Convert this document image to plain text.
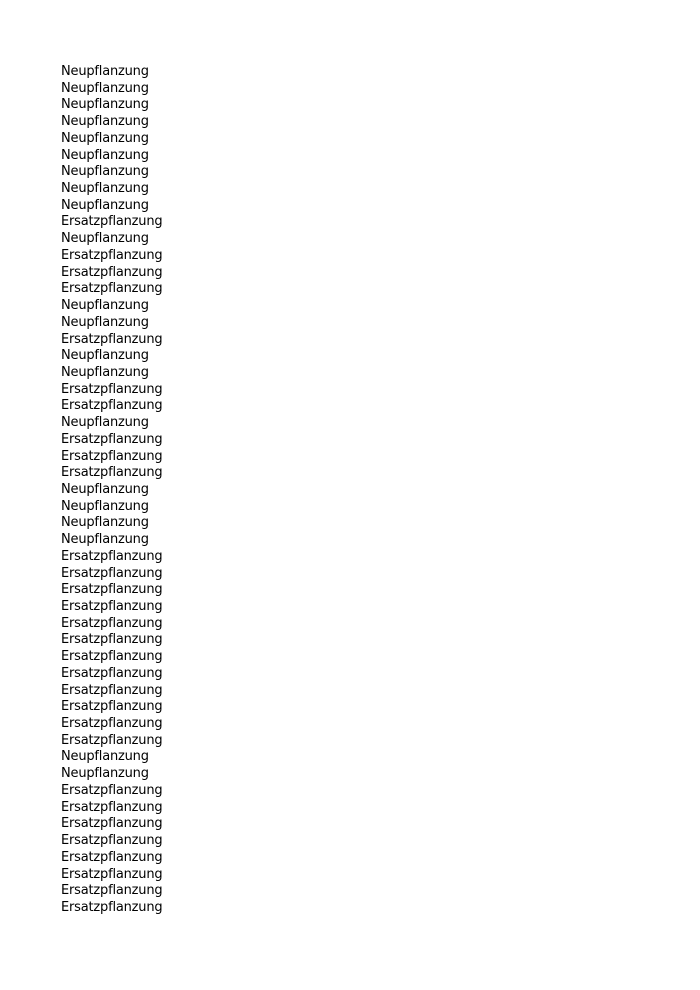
Neupflanzung
Neupflanzung
Neupflanzung
Neupflanzung
Neupflanzung
Neupflanzung
Neupflanzung
Neupflanzung
Neupflanzung
Ersatzpflanzung
Neupflanzung
Ersatzpflanzung
Ersatzpflanzung
Ersatzpflanzung
Neupflanzung
Neupflanzung
Ersatzpflanzung
Neupflanzung
Neupflanzung
Ersatzpflanzung
Ersatzpflanzung
Neupflanzung
Ersatzpflanzung
Ersatzpflanzung
Ersatzpflanzung
Neupflanzung
Neupflanzung
Neupflanzung
Neupflanzung
Ersatzpflanzung
Ersatzpflanzung
Ersatzpflanzung
Ersatzpflanzung
Ersatzpflanzung
Ersatzpflanzung
Ersatzpflanzung
Ersatzpflanzung
Ersatzpflanzung
Ersatzpflanzung
Ersatzpflanzung
Ersatzpflanzung
Neupflanzung
Neupflanzung
Ersatzpflanzung
Ersatzpflanzung
Ersatzpflanzung
Ersatzpflanzung
Ersatzpflanzung
Ersatzpflanzung
Ersatzpflanzung
Ersatzpflanzung
